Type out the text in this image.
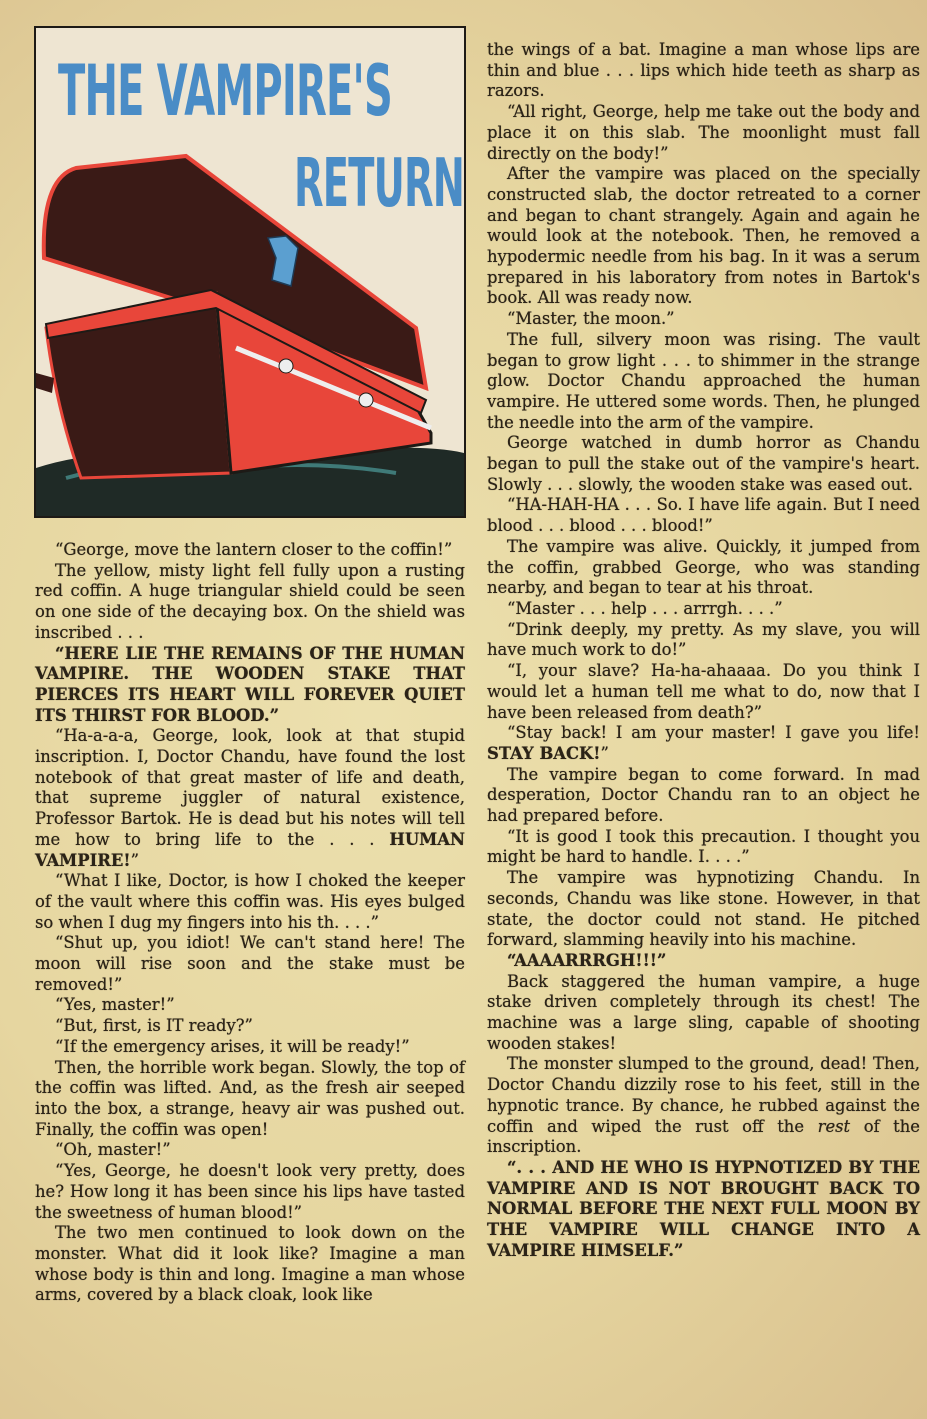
THE VAMPIRE'S
RETURN

“George, move the lantern closer to the coffin!”

The yellow, misty light fell fully upon a rusting red coffin. A huge triangular shield could be seen on one side of the decaying box. On the shield was inscribed . . .

“HERE LIE THE REMAINS OF THE HUMAN VAMPIRE. THE WOODEN STAKE THAT PIERCES ITS HEART WILL FOREVER QUIET ITS THIRST FOR BLOOD.”

“Ha-a-a-a, George, look, look at that stupid inscription. I, Doctor Chandu, have found the lost notebook of that great master of life and death, that supreme juggler of natural existence, Professor Bartok. He is dead but his notes will tell me how to bring life to the . . . HUMAN VAMPIRE!”

“What I like, Doctor, is how I choked the keeper of the vault where this coffin was. His eyes bulged so when I dug my fingers into his th. . . .”

“Shut up, you idiot! We can't stand here! The moon will rise soon and the stake must be removed!”

“Yes, master!”

“But, first, is IT ready?”

“If the emergency arises, it will be ready!”

Then, the horrible work began. Slowly, the top of the coffin was lifted. And, as the fresh air seeped into the box, a strange, heavy air was pushed out. Finally, the coffin was open!

“Oh, master!”

“Yes, George, he doesn't look very pretty, does he? How long it has been since his lips have tasted the sweetness of human blood!”

The two men continued to look down on the monster. What did it look like? Imagine a man whose body is thin and long. Imagine a man whose arms, covered by a black cloak, look like

the wings of a bat. Imagine a man whose lips are thin and blue . . . lips which hide teeth as sharp as razors.

“All right, George, help me take out the body and place it on this slab. The moonlight must fall directly on the body!”

After the vampire was placed on the specially constructed slab, the doctor retreated to a corner and began to chant strangely. Again and again he would look at the notebook. Then, he removed a hypodermic needle from his bag. In it was a serum prepared in his laboratory from notes in Bartok's book. All was ready now.

“Master, the moon.”

The full, silvery moon was rising. The vault began to grow light . . . to shimmer in the strange glow. Doctor Chandu approached the human vampire. He uttered some words. Then, he plunged the needle into the arm of the vampire.

George watched in dumb horror as Chandu began to pull the stake out of the vampire's heart. Slowly . . . slowly, the wooden stake was eased out.

“HA-HAH-HA . . . So. I have life again. But I need blood . . . blood . . . blood!”

The vampire was alive. Quickly, it jumped from the coffin, grabbed George, who was standing nearby, and began to tear at his throat.

“Master . . . help . . . arrrgh. . . .”

“Drink deeply, my pretty. As my slave, you will have much work to do!”

“I, your slave? Ha-ha-ahaaaa. Do you think I would let a human tell me what to do, now that I have been released from death?”

“Stay back! I am your master! I gave you life! STAY BACK!”

The vampire began to come forward. In mad desperation, Doctor Chandu ran to an object he had prepared before.

“It is good I took this precaution. I thought you might be hard to handle. I. . . .”

The vampire was hypnotizing Chandu. In seconds, Chandu was like stone. However, in that state, the doctor could not stand. He pitched forward, slamming heavily into his machine.

“AAAARRRGH!!!”

Back staggered the human vampire, a huge stake driven completely through its chest! The machine was a large sling, capable of shooting wooden stakes!

The monster slumped to the ground, dead! Then, Doctor Chandu dizzily rose to his feet, still in the hypnotic trance. By chance, he rubbed against the coffin and wiped the rust off the rest of the inscription.

“. . . AND HE WHO IS HYPNOTIZED BY THE VAMPIRE AND IS NOT BROUGHT BACK TO NORMAL BEFORE THE NEXT FULL MOON BY THE VAMPIRE WILL CHANGE INTO A VAMPIRE HIMSELF.”
